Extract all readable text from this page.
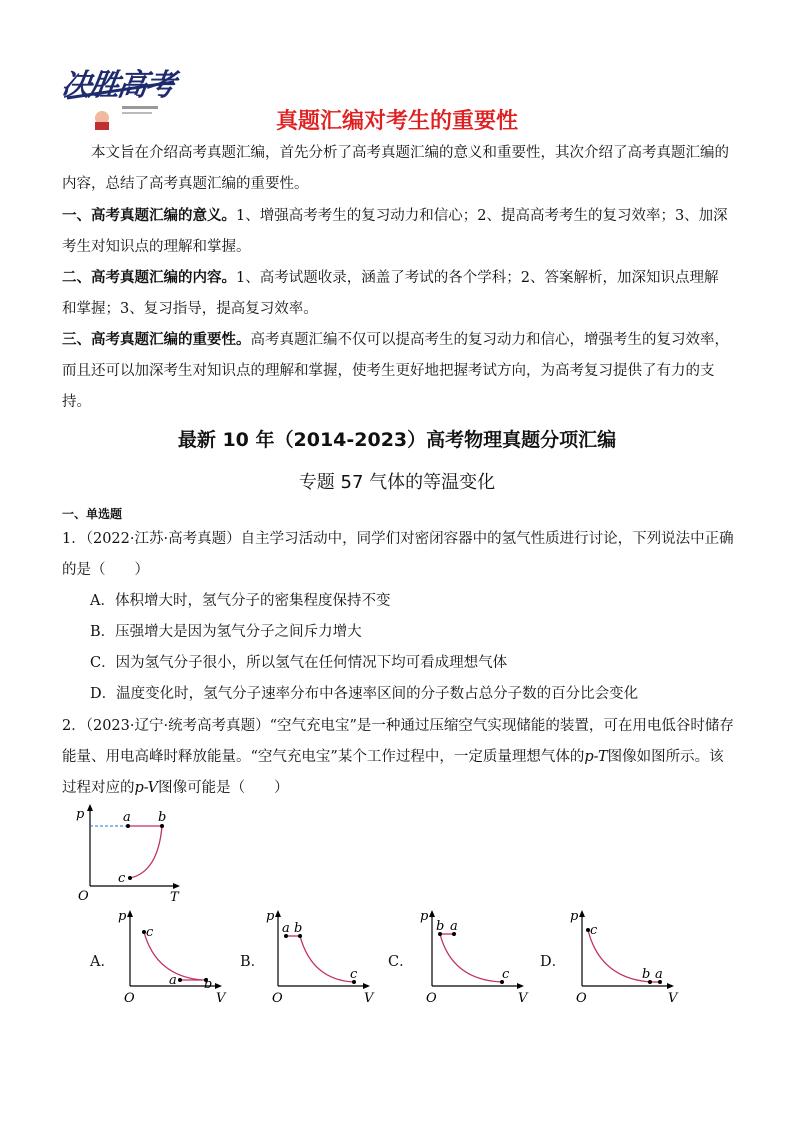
决胜高考
真题汇编对考生的重要性
本文旨在介绍高考真题汇编，首先分析了高考真题汇编的意义和重要性，其次介绍了高考真题汇编的内容，总结了高考真题汇编的重要性。
一、高考真题汇编的意义。1、增强高考考生的复习动力和信心；2、提高高考考生的复习效率；3、加深考生对知识点的理解和掌握。
二、高考真题汇编的内容。1、高考试题收录，涵盖了考试的各个学科；2、答案解析，加深知识点理解和掌握；3、复习指导，提高复习效率。
三、高考真题汇编的重要性。高考真题汇编不仅可以提高考生的复习动力和信心，增强考生的复习效率，而且还可以加深考生对知识点的理解和掌握，使考生更好地把握考试方向，为高考复习提供了有力的支持。
最新 10 年（2014-2023）高考物理真题分项汇编
专题 57 气体的等温变化
一、单选题
1．（2022·江苏·高考真题）自主学习活动中，同学们对密闭容器中的氢气性质进行讨论，下列说法中正确的是（　　）
A．体积增大时，氢气分子的密集程度保持不变
B．压强增大是因为氢气分子之间斥力增大
C．因为氢气分子很小，所以氢气在任何情况下均可看成理想气体
D．温度变化时，氢气分子速率分布中各速率区间的分子数占总分子数的百分比会变化
2．（2023·辽宁·统考高考真题）“空气充电宝”是一种通过压缩空气实现储能的装置，可在用电低谷时储存能量、用电高峰时释放能量。“空气充电宝”某个工作过程中，一定质量理想气体的p-T图像如图所示。该过程对应的p-V图像可能是（　　）
p
T
O
a b
c
A．
p
V
O
c
a b
B．
p
V
O
a b
c
C．
p
V
O
b a
c
D．
p
V
O
c
b a
